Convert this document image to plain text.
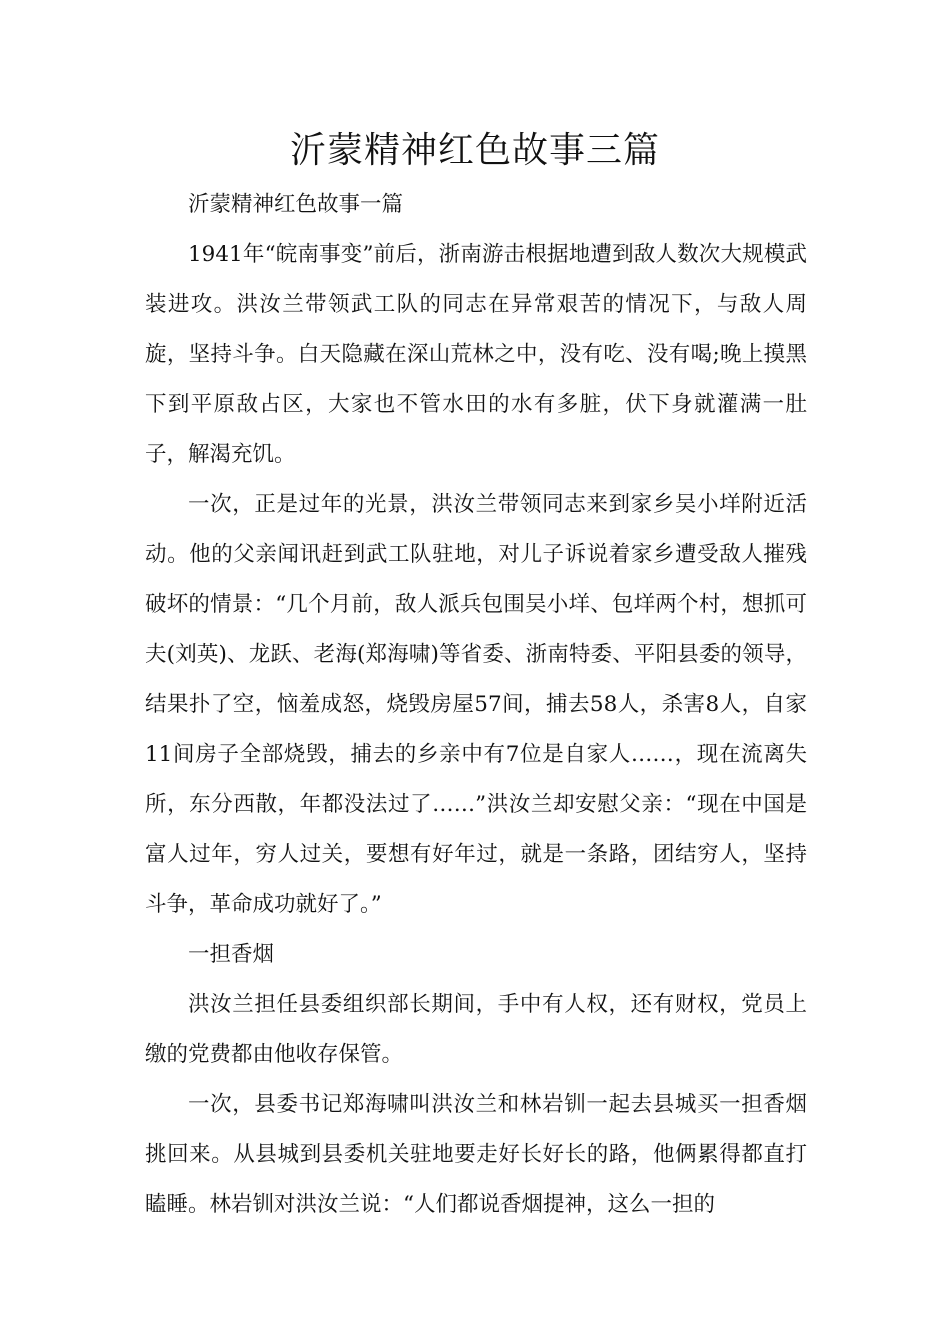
沂蒙精神红色故事三篇

沂蒙精神红色故事一篇

1941年“皖南事变”前后，浙南游击根据地遭到敌人数次大规模武装进攻。洪汝兰带领武工队的同志在异常艰苦的情况下，与敌人周旋，坚持斗争。白天隐藏在深山荒林之中，没有吃、没有喝;晚上摸黑下到平原敌占区，大家也不管水田的水有多脏，伏下身就灌满一肚子，解渴充饥。

一次，正是过年的光景，洪汝兰带领同志来到家乡吴小垟附近活动。他的父亲闻讯赶到武工队驻地，对儿子诉说着家乡遭受敌人摧残破坏的情景：“几个月前，敌人派兵包围吴小垟、包垟两个村，想抓可夫(刘英)、龙跃、老海(郑海啸)等省委、浙南特委、平阳县委的领导，结果扑了空，恼羞成怒，烧毁房屋57间，捕去58人，杀害8人，自家11间房子全部烧毁，捕去的乡亲中有7位是自家人……，现在流离失所，东分西散，年都没法过了……”洪汝兰却安慰父亲：“现在中国是富人过年，穷人过关，要想有好年过，就是一条路，团结穷人，坚持斗争，革命成功就好了。”

一担香烟

洪汝兰担任县委组织部长期间，手中有人权，还有财权，党员上缴的党费都由他收存保管。

一次，县委书记郑海啸叫洪汝兰和林岩钏一起去县城买一担香烟挑回来。从县城到县委机关驻地要走好长好长的路，他俩累得都直打瞌睡。林岩钏对洪汝兰说：“人们都说香烟提神，这么一担的
